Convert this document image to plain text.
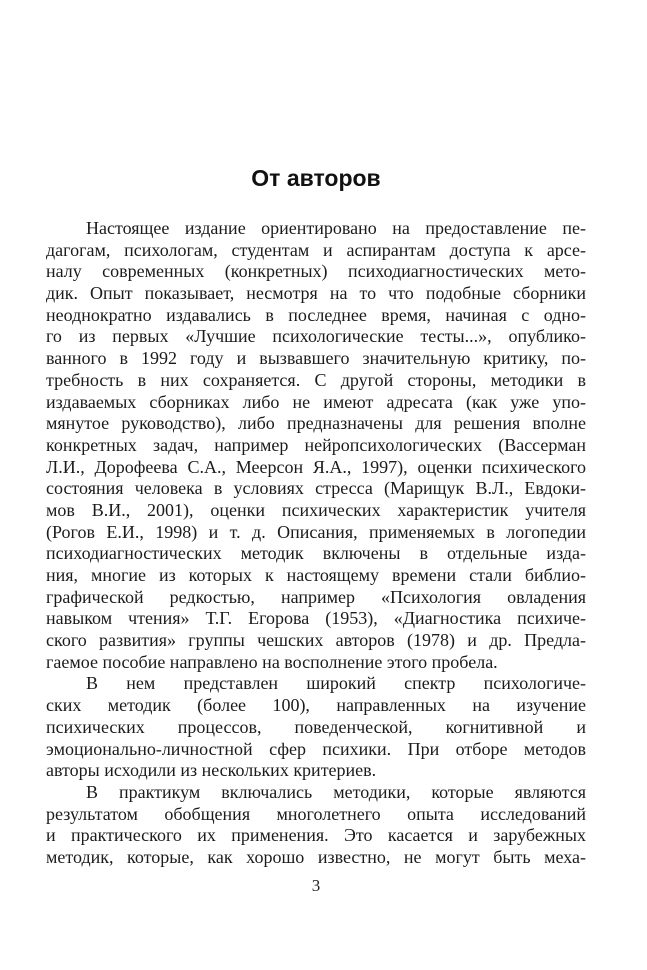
От авторов
Настоящее издание ориентировано на предоставление пе-
дагогам, психологам, студентам и аспирантам доступа к арсе-
налу современных (конкретных) психодиагностических мето-
дик. Опыт показывает, несмотря на то что подобные сборники
неоднократно издавались в последнее время, начиная с одно-
го из первых «Лучшие психологические тесты...», опублико-
ванного в 1992 году и вызвавшего значительную критику, по-
требность в них сохраняется. С другой стороны, методики в
издаваемых сборниках либо не имеют адресата (как уже упо-
мянутое руководство), либо предназначены для решения вполне
конкретных задач, например нейропсихологических (Вассерман
Л.И., Дорофеева С.А., Меерсон Я.А., 1997), оценки психического
состояния человека в условиях стресса (Марищук В.Л., Евдоки-
мов В.И., 2001), оценки психических характеристик учителя
(Рогов Е.И., 1998) и т. д. Описания, применяемых в логопедии
психодиагностических методик включены в отдельные изда-
ния, многие из которых к настоящему времени стали библио-
графической редкостью, например «Психология овладения
навыком чтения» Т.Г. Егорова (1953), «Диагностика психиче-
ского развития» группы чешских авторов (1978) и др. Предла-
гаемое пособие направлено на восполнение этого пробела.
В нем представлен широкий спектр психологиче-
ских методик (более 100), направленных на изучение
психических процессов, поведенческой, когнитивной и
эмоционально-личностной сфер психики. При отборе методов
авторы исходили из нескольких критериев.
В практикум включались методики, которые являются
результатом обобщения многолетнего опыта исследований
и практического их применения. Это касается и зарубежных
методик, которые, как хорошо известно, не могут быть меха-
3
